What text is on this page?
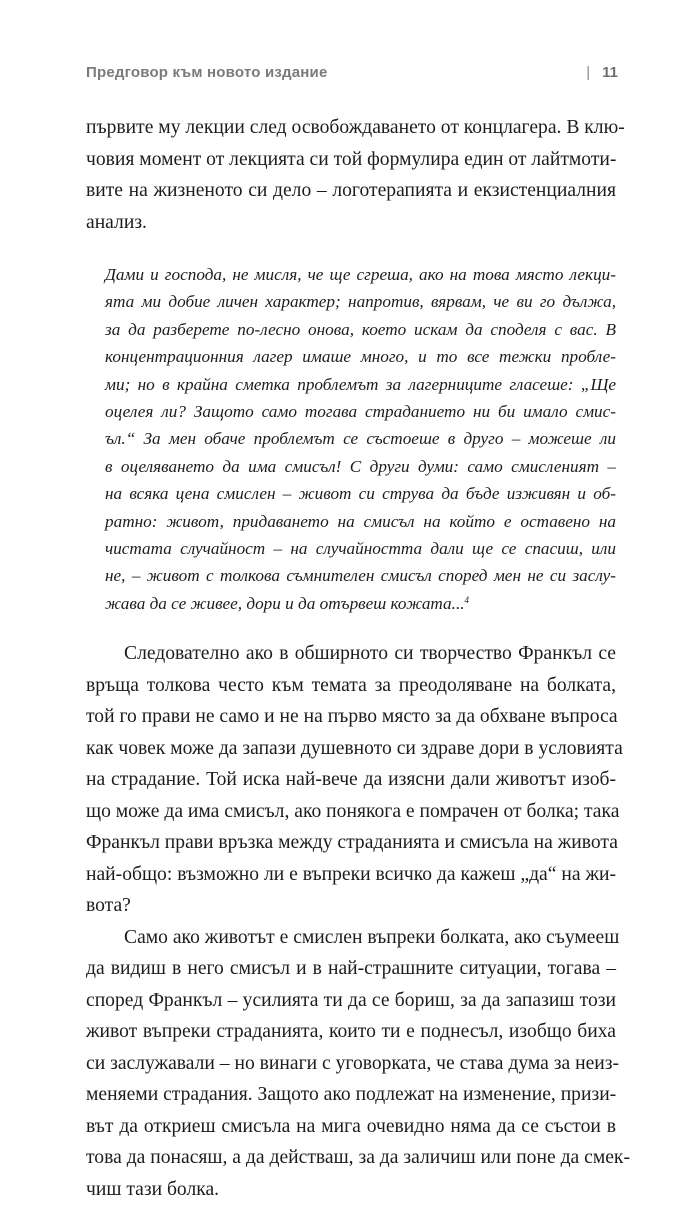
Предговор към новото издание	| 11
първите му лекции след освобождаването от концлагера. В клю-
човия момент от лекцията си той формулира един от лайтмоти-
вите на жизненото си дело – логотерапията и екзистенциалния
анализ.
Дами и господа, не мисля, че ще сгреша, ако на това място лекци-
ята ми добие личен характер; напротив, вярвам, че ви го дължа,
за да разберете по-лесно онова, което искам да споделя с вас. В
концентрационния лагер имаше много, и то все тежки пробле-
ми; но в крайна сметка проблемът за лагерниците гласеше: „Ще
оцелея ли? Защото само тогава страданието ни би имало смис-
ъл.“ За мен обаче проблемът се състоеше в друго – можеше ли
в оцеляването да има смисъл! С други думи: само смисленият –
на всяка цена смислен – живот си струва да бъде изживян и об-
ратно: живот, придаването на смисъл на който е оставено на
чистата случайност – на случайността дали ще се спасиш, или
не, – живот с толкова съмнителен смисъл според мен не си заслу-
жава да се живее, дори и да отървеш кожата...$^4$
Следователно ако в обширното си творчество Франкъл се
връща толкова често към темата за преодоляване на болката,
той го прави не само и не на първо място за да обхване въпроса
как човек може да запази душевното си здраве дори в условията
на страдание. Той иска най-вече да изясни дали животът изоб-
що може да има смисъл, ако понякога е помрачен от болка; така
Франкъл прави връзка между страданията и смисъла на живота
най-общо: възможно ли е въпреки всичко да кажеш „да“ на жи-
вота?
Само ако животът е смислен въпреки болката, ако съумееш
да видиш в него смисъл и в най-страшните ситуации, тогава –
според Франкъл – усилията ти да се бориш, за да запазиш този
живот въпреки страданията, които ти е поднесъл, изобщо биха
си заслужавали – но винаги с уговорката, че става дума за неиз-
меняеми страдания. Защото ако подлежат на изменение, призи-
вът да откриеш смисъла на мига очевидно няма да се състои в
това да понасяш, а да действаш, за да заличиш или поне да смек-
чиш тази болка.
